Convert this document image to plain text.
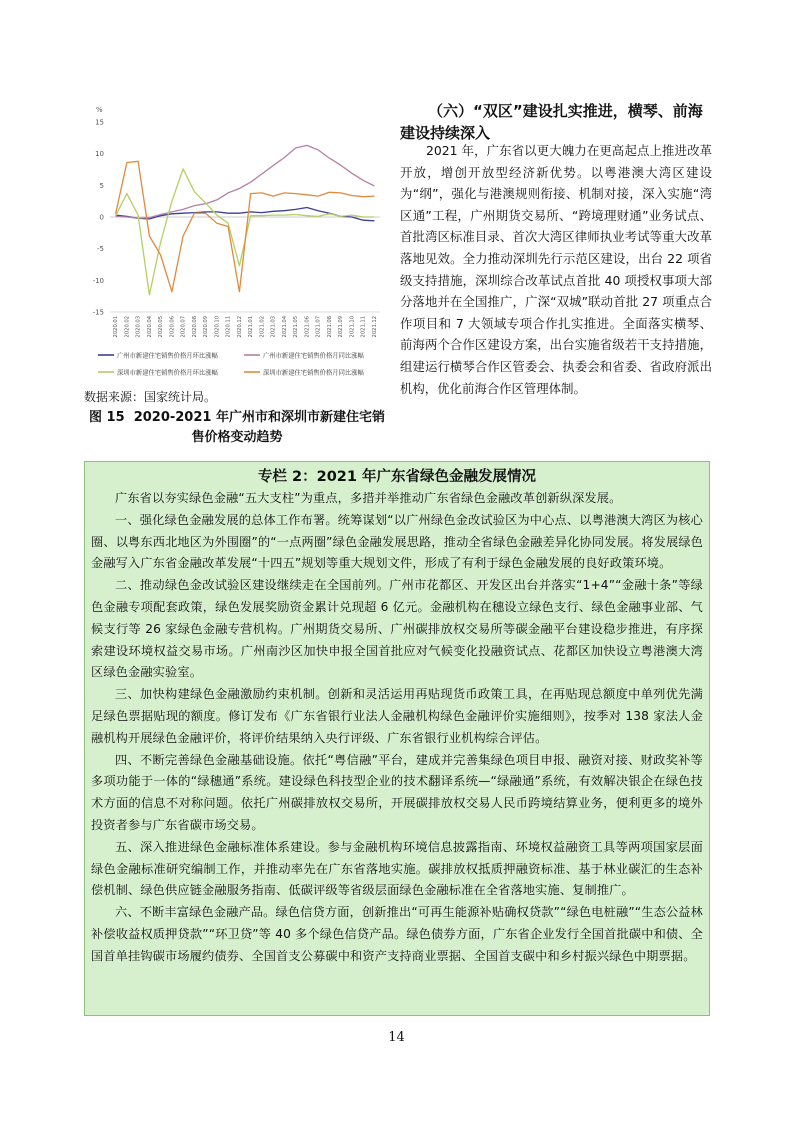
%
15
10
5
0
-5
-10
-15
2020.01 2020.02 2020.03 2020.04 2020.05 2020.06 2020.07 2020.08 2020.09 2020.10 2020.11 2020.12 2021.01 2021.02 2021.03 2021.04 2021.05 2021.06 2021.07 2021.08 2021.09 2021.10 2021.11 2021.12
广州市新建住宅销售价格月环比涨幅	广州市新建住宅销售价格月同比涨幅
深圳市新建住宅销售价格月环比涨幅	深圳市新建住宅销售价格月同比涨幅
数据来源：国家统计局。
图 15 2020-2021 年广州市和深圳市新建住宅销售价格变动趋势
（六）“双区”建设扎实推进，横琴、前海建设持续深入

2021 年，广东省以更大魄力在更高起点上推进改革开放，增创开放型经济新优势。以粤港澳大湾区建设为“纲”，强化与港澳规则衔接、机制对接，深入实施“湾区通”工程，广州期货交易所、“跨境理财通”业务试点、首批湾区标准目录、首次大湾区律师执业考试等重大改革落地见效。全力推动深圳先行示范区建设，出台 22 项省级支持措施，深圳综合改革试点首批 40 项授权事项大部分落地并在全国推广，广深“双城”联动首批 27 项重点合作项目和 7 大领域专项合作扎实推进。全面落实横琴、前海两个合作区建设方案，出台实施省级若干支持措施，组建运行横琴合作区管委会、执委会和省委、省政府派出机构，优化前海合作区管理体制。

专栏 2：2021 年广东省绿色金融发展情况

广东省以夯实绿色金融“五大支柱”为重点，多措并举推动广东省绿色金融改革创新纵深发展。

一、强化绿色金融发展的总体工作布署。统筹谋划“以广州绿色金改试验区为中心点、以粤港澳大湾区为核心圈、以粤东西北地区为外围圈”的“一点两圈”绿色金融发展思路，推动全省绿色金融差异化协同发展。将发展绿色金融写入广东省金融改革发展“十四五”规划等重大规划文件，形成了有利于绿色金融发展的良好政策环境。

二、推动绿色金改试验区建设继续走在全国前列。广州市花都区、开发区出台并落实“1+4”“金融十条”等绿色金融专项配套政策，绿色发展奖励资金累计兑现超 6 亿元。金融机构在穗设立绿色支行、绿色金融事业部、气候支行等 26 家绿色金融专营机构。广州期货交易所、广州碳排放权交易所等碳金融平台建设稳步推进，有序探索建设环境权益交易市场。广州南沙区加快申报全国首批应对气候变化投融资试点、花都区加快设立粤港澳大湾区绿色金融实验室。

三、加快构建绿色金融激励约束机制。创新和灵活运用再贴现货币政策工具，在再贴现总额度中单列优先满足绿色票据贴现的额度。修订发布《广东省银行业法人金融机构绿色金融评价实施细则》，按季对 138 家法人金融机构开展绿色金融评价，将评价结果纳入央行评级、广东省银行业机构综合评估。

四、不断完善绿色金融基础设施。依托“粤信融”平台，建成并完善集绿色项目申报、融资对接、财政奖补等多项功能于一体的“绿穗通”系统。建设绿色科技型企业的技术翻译系统—“绿融通”系统，有效解决银企在绿色技术方面的信息不对称问题。依托广州碳排放权交易所，开展碳排放权交易人民币跨境结算业务，便利更多的境外投资者参与广东省碳市场交易。

五、深入推进绿色金融标准体系建设。参与金融机构环境信息披露指南、环境权益融资工具等两项国家层面绿色金融标准研究编制工作，并推动率先在广东省落地实施。碳排放权抵质押融资标准、基于林业碳汇的生态补偿机制、绿色供应链金融服务指南、低碳评级等省级层面绿色金融标准在全省落地实施、复制推广。

六、不断丰富绿色金融产品。绿色信贷方面，创新推出“可再生能源补贴确权贷款”“绿色电桩融”“生态公益林补偿收益权质押贷款”“环卫贷”等 40 多个绿色信贷产品。绿色债券方面，广东省企业发行全国首批碳中和债、全国首单挂钩碳市场履约债券、全国首支公募碳中和资产支持商业票据、全国首支碳中和乡村振兴绿色中期票据。

14
